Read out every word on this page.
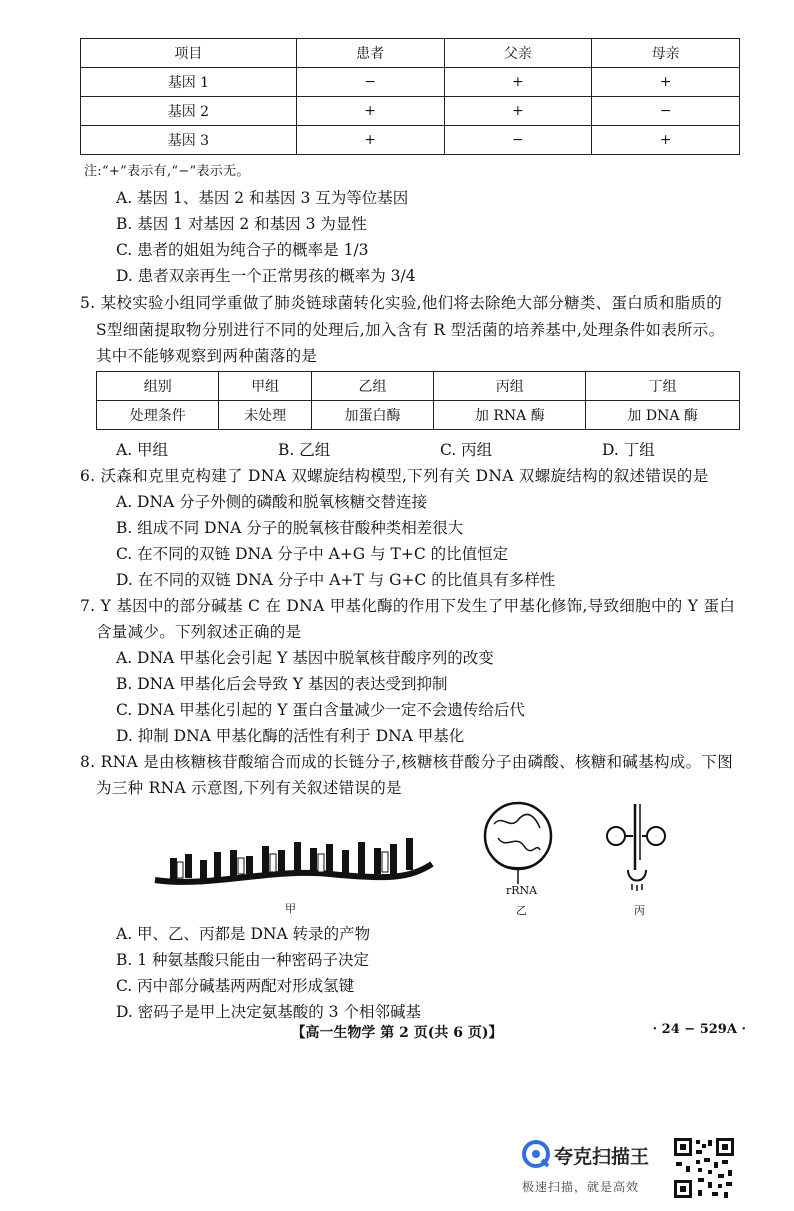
项目	患者	父亲	母亲
基因 1	−	+	+
基因 2	+	+	−
基因 3	+	−	+
注:“+”表示有,“−”表示无。
A. 基因 1、基因 2 和基因 3 互为等位基因
B. 基因 1 对基因 2 和基因 3 为显性
C. 患者的姐姐为纯合子的概率是 1/3
D. 患者双亲再生一个正常男孩的概率为 3/4
5. 某校实验小组同学重做了肺炎链球菌转化实验,他们将去除绝大部分糖类、蛋白质和脂质的
S型细菌提取物分别进行不同的处理后,加入含有 R 型活菌的培养基中,处理条件如表所示。
其中不能够观察到两种菌落的是
组别	甲组	乙组	丙组	丁组
处理条件	未处理	加蛋白酶	加 RNA 酶	加 DNA 酶
A. 甲组	B. 乙组	C. 丙组	D. 丁组
6. 沃森和克里克构建了 DNA 双螺旋结构模型,下列有关 DNA 双螺旋结构的叙述错误的是
A. DNA 分子外侧的磷酸和脱氧核糖交替连接
B. 组成不同 DNA 分子的脱氧核苷酸种类相差很大
C. 在不同的双链 DNA 分子中 A+G 与 T+C 的比值恒定
D. 在不同的双链 DNA 分子中 A+T 与 G+C 的比值具有多样性
7. Y 基因中的部分碱基 C 在 DNA 甲基化酶的作用下发生了甲基化修饰,导致细胞中的 Y 蛋白
含量减少。下列叙述正确的是
A. DNA 甲基化会引起 Y 基因中脱氧核苷酸序列的改变
B. DNA 甲基化后会导致 Y 基因的表达受到抑制
C. DNA 甲基化引起的 Y 蛋白含量减少一定不会遗传给后代
D. 抑制 DNA 甲基化酶的活性有利于 DNA 甲基化
8. RNA 是由核糖核苷酸缩合而成的长链分子,核糖核苷酸分子由磷酸、核糖和碱基构成。下图
为三种 RNA 示意图,下列有关叙述错误的是
甲
rRNA
乙	丙
A. 甲、乙、丙都是 DNA 转录的产物
B. 1 种氨基酸只能由一种密码子决定
C. 丙中部分碱基两两配对形成氢键
D. 密码子是甲上决定氨基酸的 3 个相邻碱基
【高一生物学 第 2 页(共 6 页)】	· 24 − 529A ·
夸克扫描王
极速扫描，就是高效
